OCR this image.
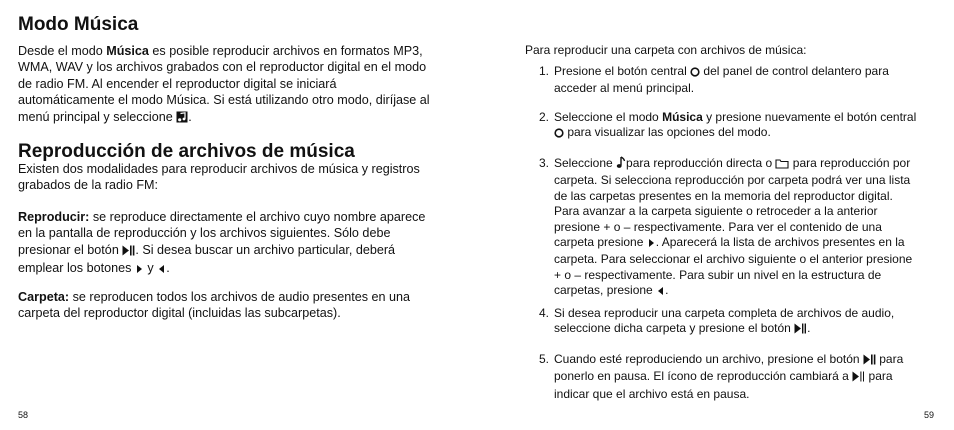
Modo Música

Desde el modo Música es posible reproducir archivos en formatos MP3, WMA, WAV y los archivos grabados con el reproductor digital en el modo de radio FM. Al encender el reproductor digital se iniciará automáticamente el modo Música. Si está utilizando otro modo, diríjase al menú principal y seleccione .

Reproducción de archivos de música

Existen dos modalidades para reproducir archivos de música y registros grabados de la radio FM:

Reproducir: se reproduce directamente el archivo cuyo nombre aparece en la pantalla de reproducción y los archivos siguientes. Sólo debe presionar el botón . Si desea buscar un archivo particular, deberá emplear los botones  y .

Carpeta: se reproducen todos los archivos de audio presentes en una carpeta del reproductor digital (incluidas las subcarpetas).

58

Para reproducir una carpeta con archivos de música:

1. Presione el botón central  del panel de control delantero para acceder al menú principal.
2. Seleccione el modo Música y presione nuevamente el botón central  para visualizar las opciones del modo.
3. Seleccione para reproducción directa o  para reproducción por carpeta. Si selecciona reproducción por carpeta podrá ver una lista de las carpetas presentes en la memoria del reproductor digital. Para avanzar a la carpeta siguiente o retroceder a la anterior presione + o – respectivamente. Para ver el contenido de una carpeta presione . Aparecerá la lista de archivos presentes en la carpeta. Para seleccionar el archivo siguiente o el anterior presione + o – respectivamente. Para subir un nivel en la estructura de carpetas, presione .
4. Si desea reproducir una carpeta completa de archivos de audio, seleccione dicha carpeta y presione el botón .
5. Cuando esté reproduciendo un archivo, presione el botón  para ponerlo en pausa. El ícono de reproducción cambiará a  para indicar que el archivo está en pausa.
59
